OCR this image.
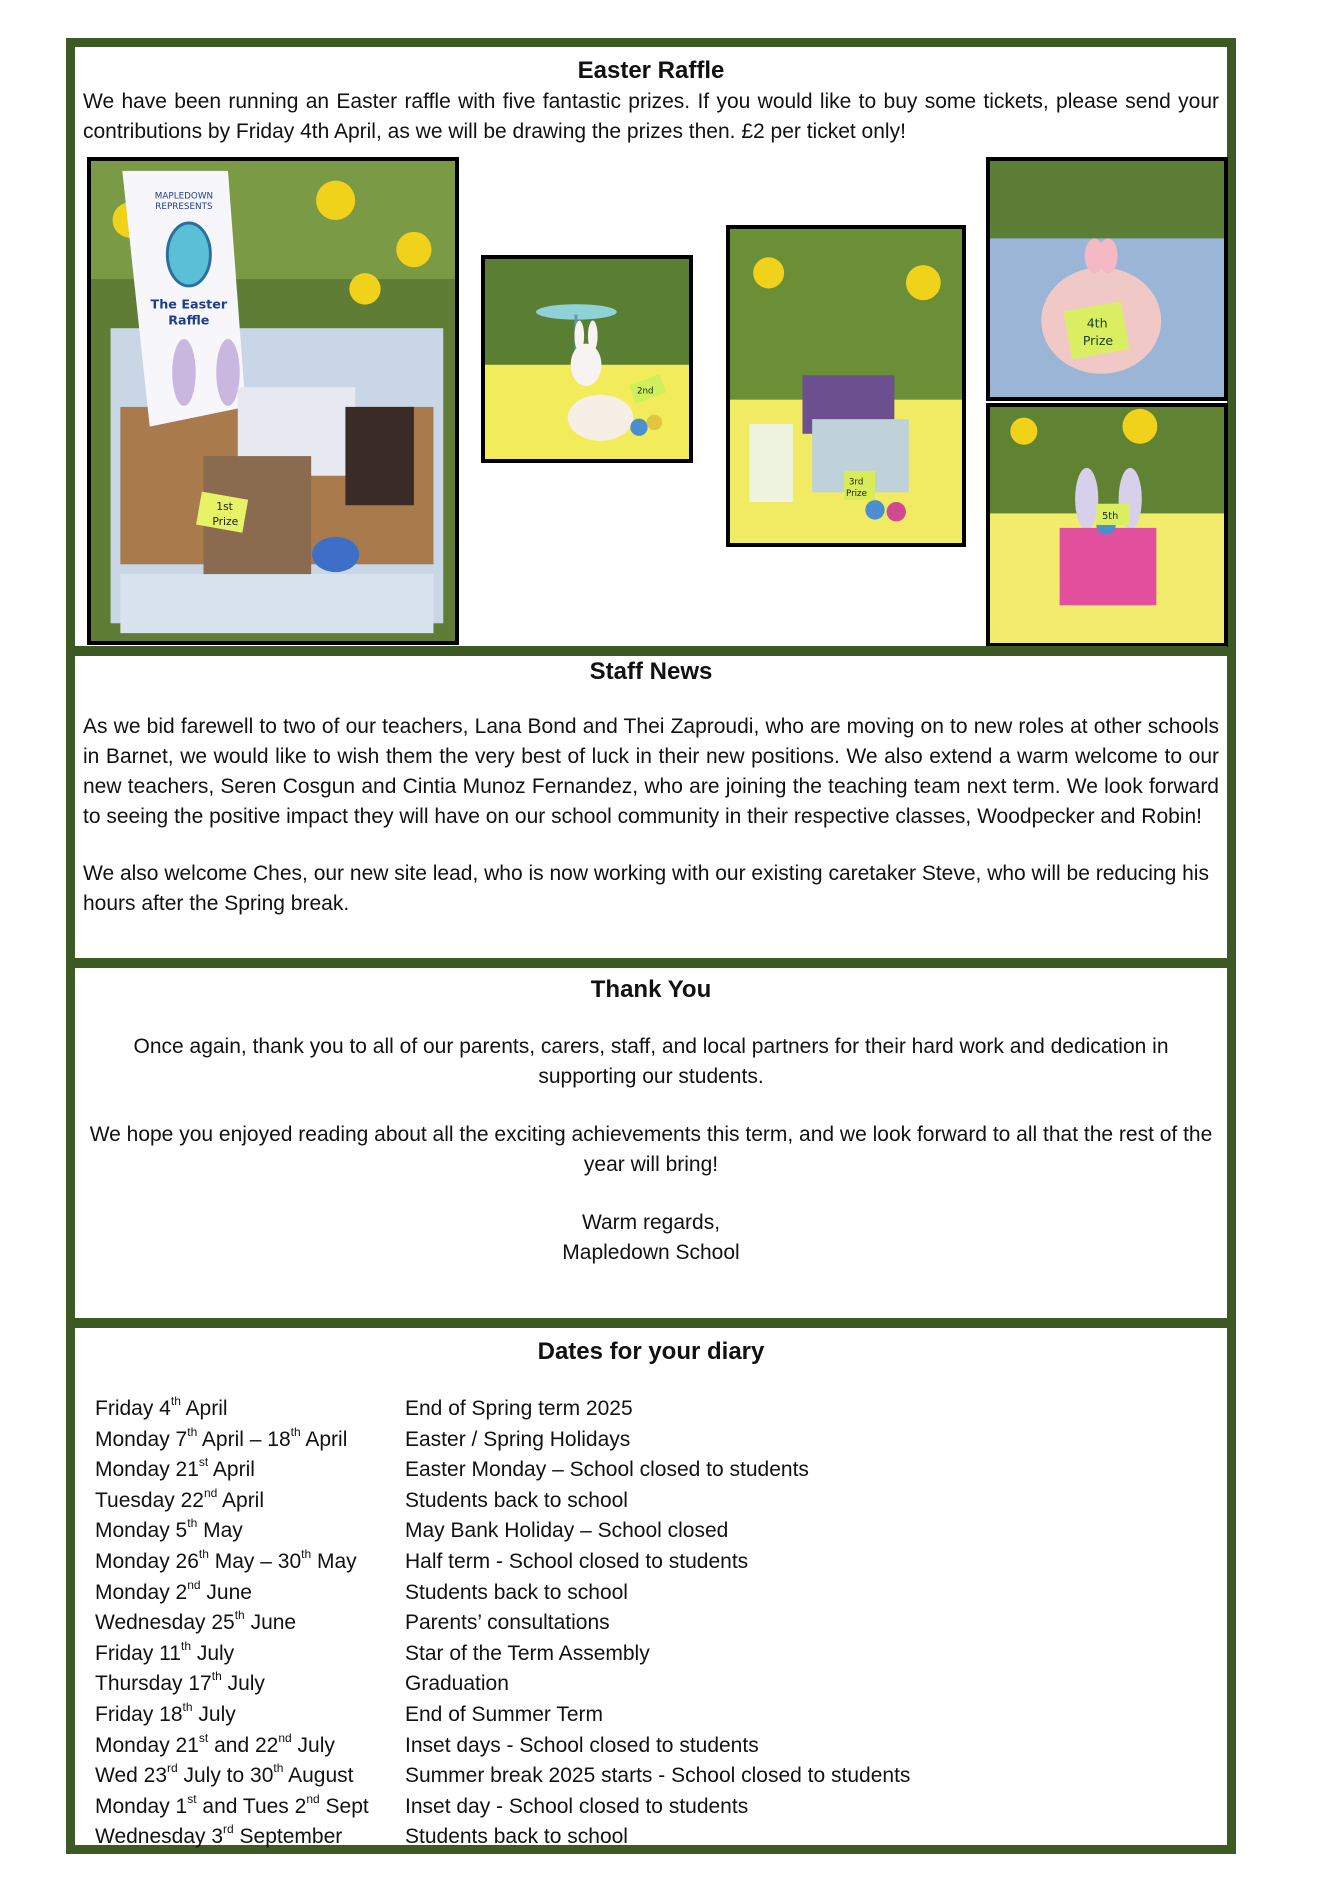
Easter Raffle

We have been running an Easter raffle with five fantastic prizes. If you would like to buy some tickets, please send your contributions by Friday 4th April, as we will be drawing the prizes then. £2 per ticket only!

MAPLEDOWN
REPRESENTS
The Easter
Raffle
1st
Prize
2nd
3rd
Prize
4th
Prize
5th
Staff News

As we bid farewell to two of our teachers, Lana Bond and Thei Zaproudi, who are moving on to new roles at other schools in Barnet, we would like to wish them the very best of luck in their new positions. We also extend a warm welcome to our new teachers, Seren Cosgun and Cintia Munoz Fernandez, who are joining the teaching team next term. We look forward to seeing the positive impact they will have on our school community in their respective classes, Woodpecker and Robin!

We also welcome Ches, our new site lead, who is now working with our existing caretaker Steve, who will be reducing his hours after the Spring break.

Thank You

Once again, thank you to all of our parents, carers, staff, and local partners for their hard work and dedication in supporting our students.

We hope you enjoyed reading about all the exciting achievements this term, and we look forward to all that the rest of the year will bring!

Warm regards,

Mapledown School

Dates for your diary
Friday 4th April	End of Spring term 2025
Monday 7th April – 18th April	Easter / Spring Holidays
Monday 21st April	Easter Monday – School closed to students
Tuesday 22nd April	Students back to school
Monday 5th May	May Bank Holiday – School closed
Monday 26th May – 30th May	Half term - School closed to students
Monday 2nd June	Students back to school
Wednesday 25th June	Parents’ consultations
Friday 11th July	Star of the Term Assembly
Thursday 17th July	Graduation
Friday 18th July	End of Summer Term
Monday 21st and 22nd July	Inset days - School closed to students
Wed 23rd July to 30th August	Summer break 2025 starts - School closed to students
Monday 1st and Tues 2nd Sept	Inset day - School closed to students
Wednesday 3rd September	Students back to school
